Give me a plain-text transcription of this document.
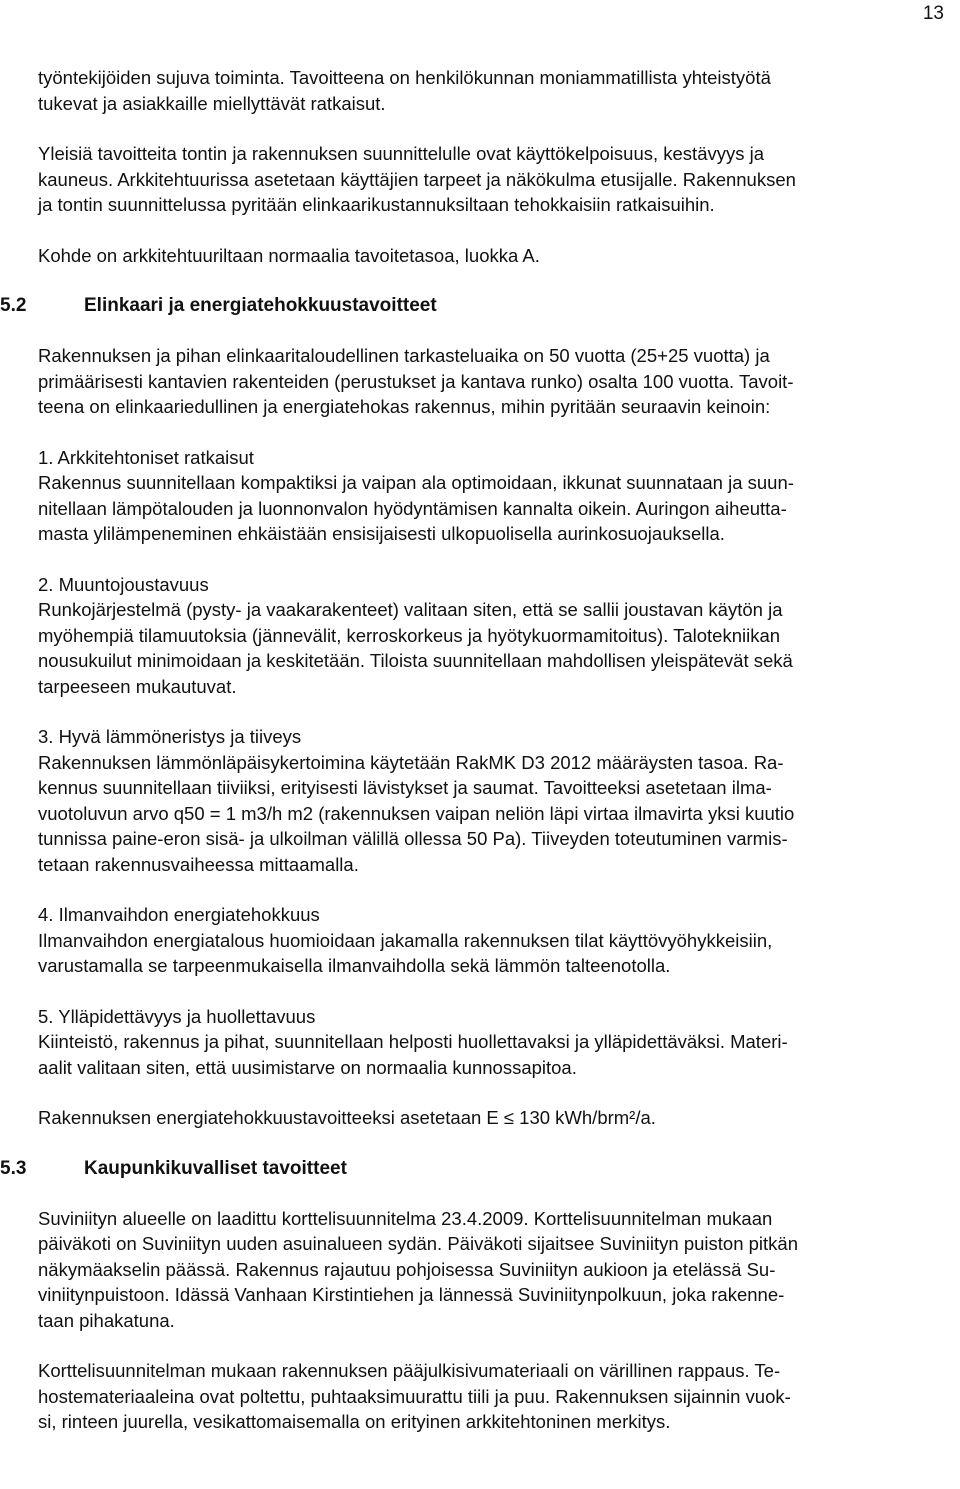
13

työntekijöiden sujuva toiminta. Tavoitteena on henkilökunnan moniammatillista yhteistyötä
tukevat ja asiakkaille miellyttävät ratkaisut.

Yleisiä tavoitteita tontin ja rakennuksen suunnittelulle ovat käyttökelpoisuus, kestävyys ja
kauneus. Arkkitehtuurissa asetetaan käyttäjien tarpeet ja näkökulma etusijalle. Rakennuksen
ja tontin suunnittelussa pyritään elinkaarikustannuksiltaan tehokkaisiin ratkaisuihin.

Kohde on arkkitehtuuriltaan normaalia tavoitetasoa, luokka A.

5.2	Elinkaari ja energiatehokkuustavoitteet

Rakennuksen ja pihan elinkaaritaloudellinen tarkasteluaika on 50 vuotta (25+25 vuotta) ja
primäärisesti kantavien rakenteiden (perustukset ja kantava runko) osalta 100 vuotta. Tavoit-
teena on elinkaariedullinen ja energiatehokas rakennus, mihin pyritään seuraavin keinoin:

1. Arkkitehtoniset ratkaisut
Rakennus suunnitellaan kompaktiksi ja vaipan ala optimoidaan, ikkunat suunnataan ja suun-
nitellaan lämpötalouden ja luonnonvalon hyödyntämisen kannalta oikein. Auringon aiheutta-
masta ylilämpeneminen ehkäistään ensisijaisesti ulkopuolisella aurinkosuojauksella.

2. Muuntojoustavuus
Runkojärjestelmä (pysty- ja vaakarakenteet) valitaan siten, että se sallii joustavan käytön ja
myöhempiä tilamuutoksia (jännevälit, kerroskorkeus ja hyötykuormamitoitus). Talotekniikan
nousukuilut minimoidaan ja keskitetään. Tiloista suunnitellaan mahdollisen yleispätevät sekä
tarpeeseen mukautuvat.

3. Hyvä lämmöneristys ja tiiveys
Rakennuksen lämmönläpäisykertoimina käytetään RakMK D3 2012 määräysten tasoa. Ra-
kennus suunnitellaan tiiviiksi, erityisesti lävistykset ja saumat. Tavoitteeksi asetetaan ilma-
vuotoluvun arvo q50 = 1 m3/h m2 (rakennuksen vaipan neliön läpi virtaa ilmavirta yksi kuutio
tunnissa paine-eron sisä- ja ulkoilman välillä ollessa 50 Pa). Tiiveyden toteutuminen varmis-
tetaan rakennusvaiheessa mittaamalla.

4. Ilmanvaihdon energiatehokkuus
Ilmanvaihdon energiatalous huomioidaan jakamalla rakennuksen tilat käyttövyöhykkeisiin,
varustamalla se tarpeenmukaisella ilmanvaihdolla sekä lämmön talteenotolla.

5. Ylläpidettävyys ja huollettavuus
Kiinteistö, rakennus ja pihat, suunnitellaan helposti huollettavaksi ja ylläpidettäväksi. Materi-
aalit valitaan siten, että uusimistarve on normaalia kunnossapitoa.

Rakennuksen energiatehokkuustavoitteeksi asetetaan E ≤ 130 kWh/brm²/a.

5.3	Kaupunkikuvalliset tavoitteet

Suviniityn alueelle on laadittu korttelisuunnitelma 23.4.2009. Korttelisuunnitelman mukaan
päiväkoti on Suviniityn uuden asuinalueen sydän. Päiväkoti sijaitsee Suviniityn puiston pitkän
näkymäakselin päässä. Rakennus rajautuu pohjoisessa Suviniityn aukioon ja etelässä Su-
viniitynpuistoon. Idässä Vanhaan Kirstintiehen ja lännessä Suviniitynpolkuun, joka rakenne-
taan pihakatuna.

Korttelisuunnitelman mukaan rakennuksen pääjulkisivumateriaali on värillinen rappaus. Te-
hostemateriaaleina ovat poltettu, puhtaaksimuurattu tiili ja puu. Rakennuksen sijainnin vuok-
si, rinteen juurella, vesikattomaisemalla on erityinen arkkitehtoninen merkitys.
